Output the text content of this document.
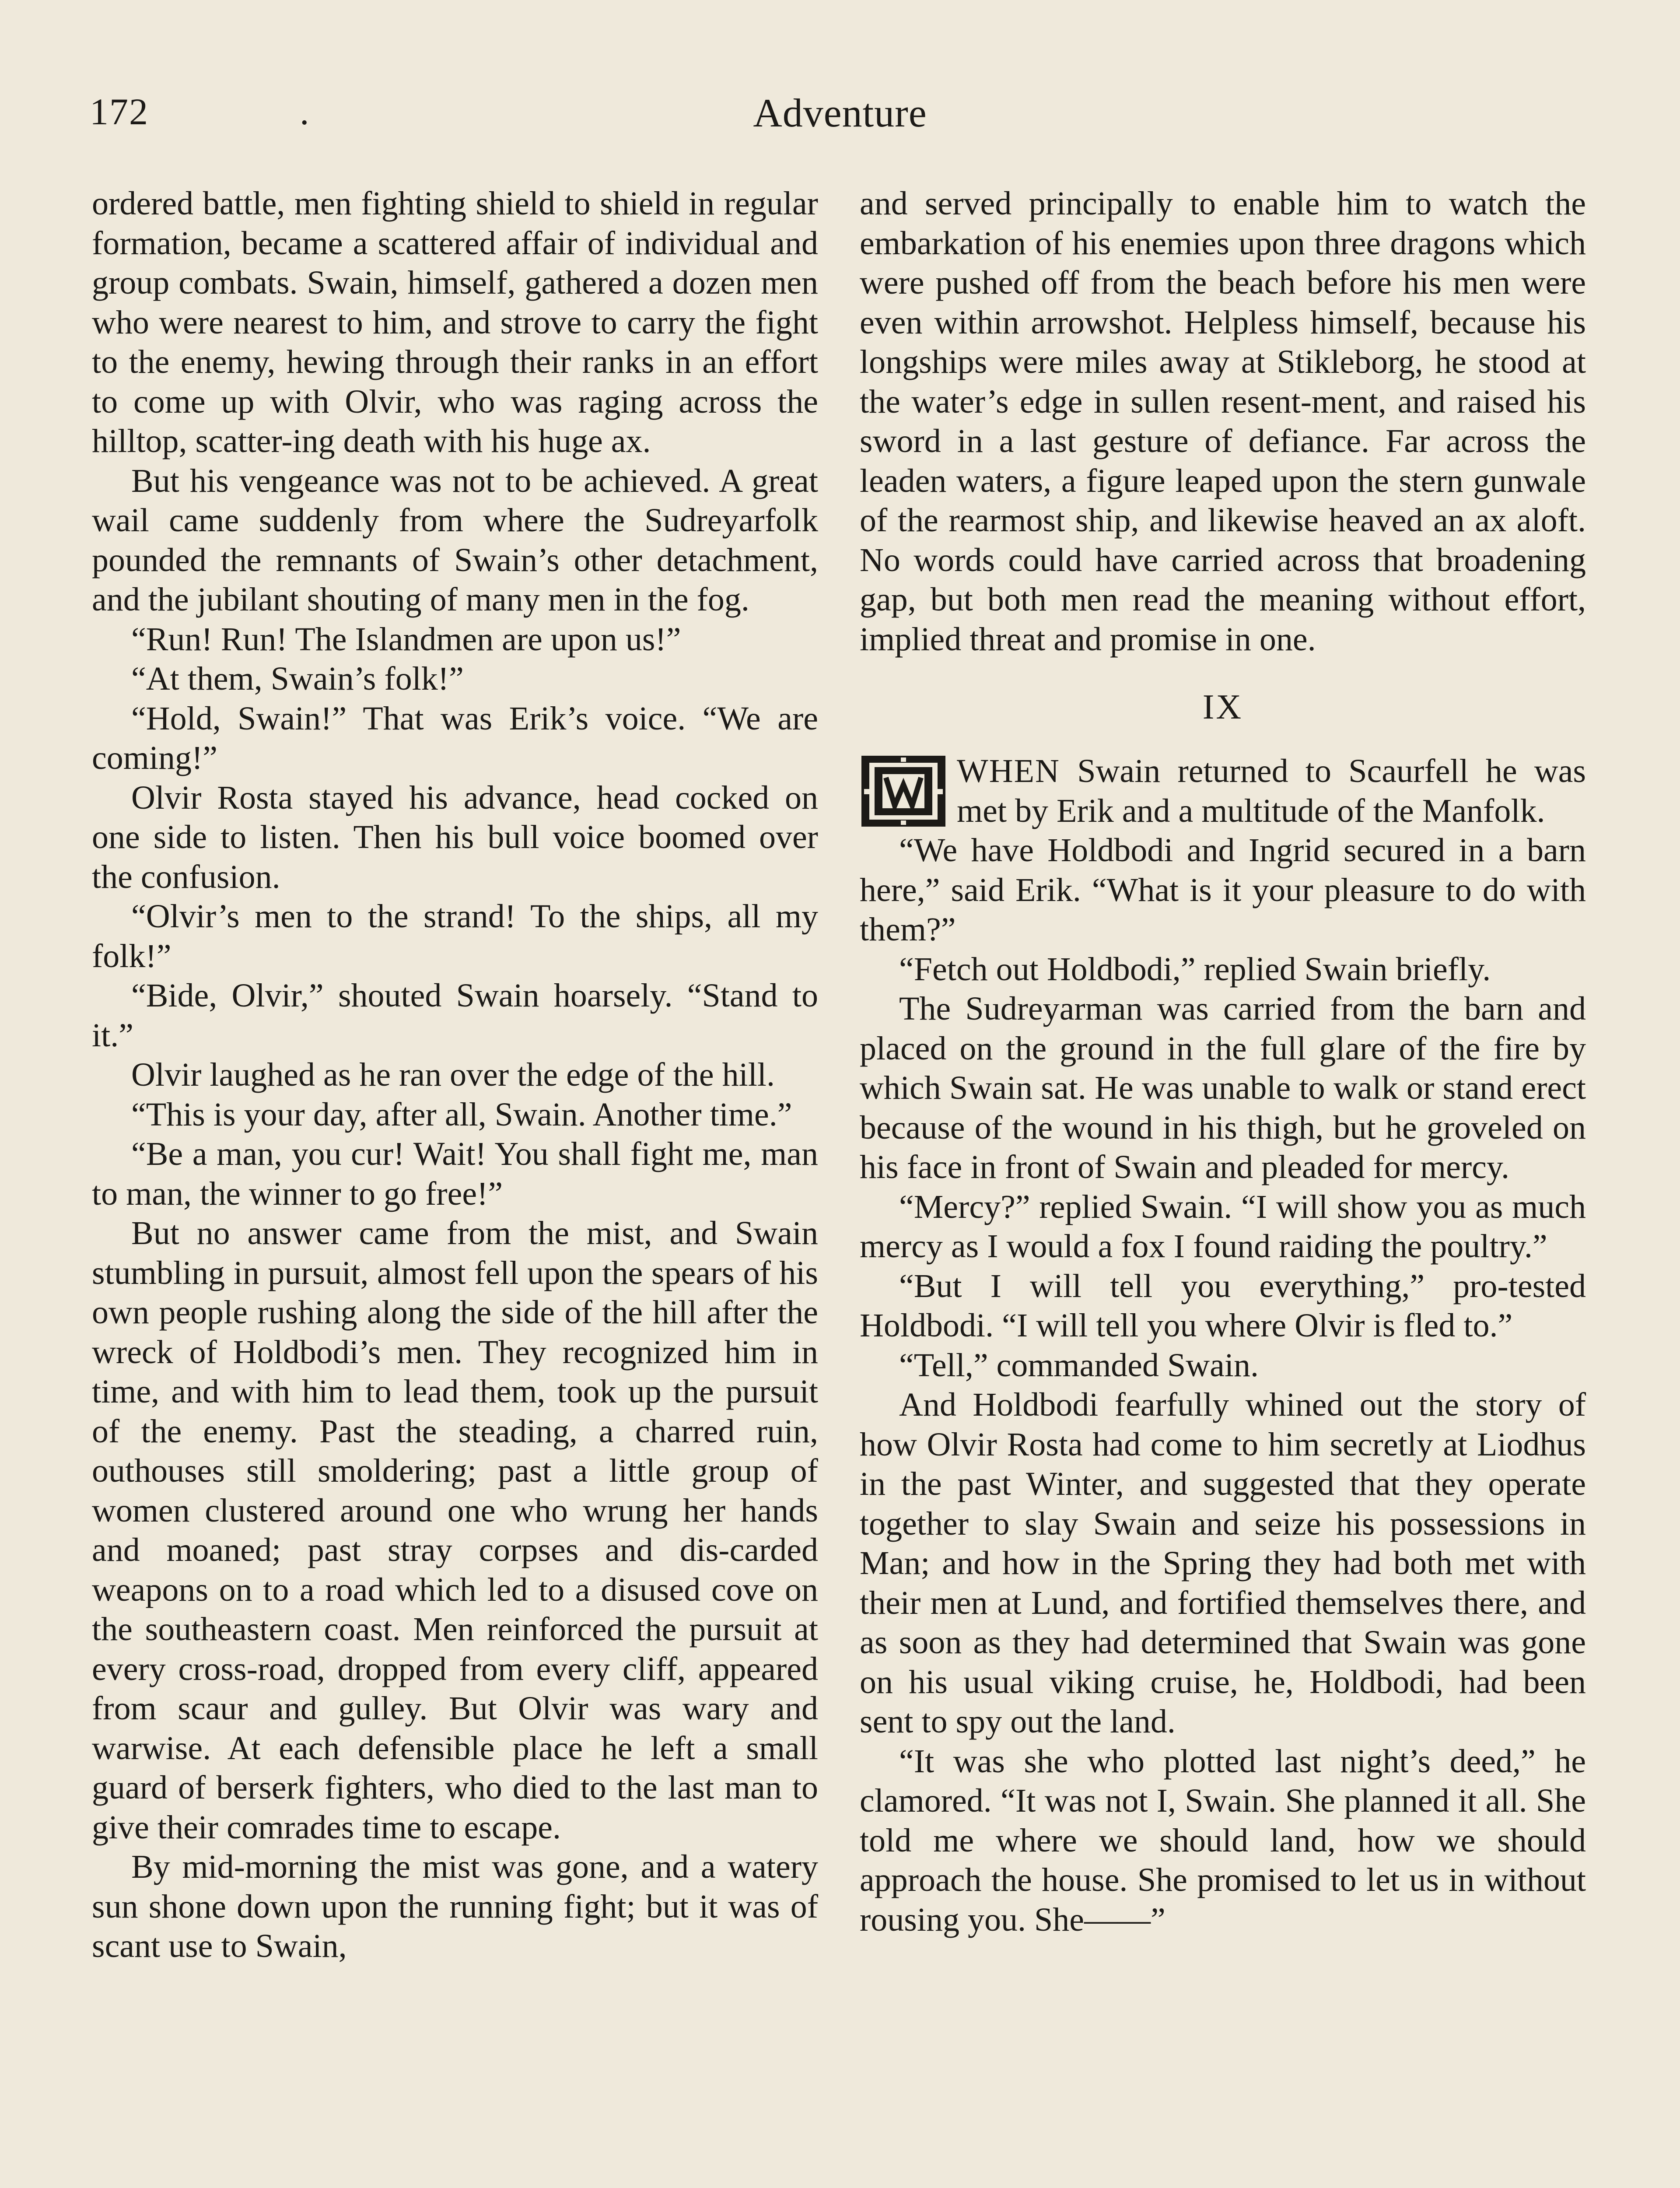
172	.	Adventure

ordered battle, men fighting shield to shield in regular formation, became a scattered affair of individual and group combats. Swain, himself, gathered a dozen men who were nearest to him, and strove to carry the fight to the enemy, hewing through their ranks in an effort to come up with Olvir, who was raging across the hilltop, scatter-ing death with his huge ax.

But his vengeance was not to be achieved. A great wail came suddenly from where the Sudreyarfolk pounded the remnants of Swain’s other detachment, and the jubilant shouting of many men in the fog.

“Run! Run! The Islandmen are upon us!”

“At them, Swain’s folk!”

“Hold, Swain!” That was Erik’s voice. “We are coming!”

Olvir Rosta stayed his advance, head cocked on one side to listen. Then his bull voice boomed over the confusion.

“Olvir’s men to the strand! To the ships, all my folk!”

“Bide, Olvir,” shouted Swain hoarsely. “Stand to it.”

Olvir laughed as he ran over the edge of the hill.

“This is your day, after all, Swain. Another time.”

“Be a man, you cur! Wait! You shall fight me, man to man, the winner to go free!”

But no answer came from the mist, and Swain stumbling in pursuit, almost fell upon the spears of his own people rushing along the side of the hill after the wreck of Holdbodi’s men. They recognized him in time, and with him to lead them, took up the pursuit of the enemy. Past the steading, a charred ruin, outhouses still smoldering; past a little group of women clustered around one who wrung her hands and moaned; past stray corpses and dis-carded weapons on to a road which led to a disused cove on the southeastern coast. Men reinforced the pursuit at every cross-road, dropped from every cliff, appeared from scaur and gulley. But Olvir was wary and warwise. At each defensible place he left a small guard of berserk fighters, who died to the last man to give their comrades time to escape.

By mid-morning the mist was gone, and a watery sun shone down upon the running fight; but it was of scant use to Swain,

and served principally to enable him to watch the embarkation of his enemies upon three dragons which were pushed off from the beach before his men were even within arrowshot. Helpless himself, because his longships were miles away at Stikleborg, he stood at the water’s edge in sullen resent-ment, and raised his sword in a last gesture of defiance. Far across the leaden waters, a figure leaped upon the stern gunwale of the rearmost ship, and likewise heaved an ax aloft. No words could have carried across that broadening gap, but both men read the meaning without effort, implied threat and promise in one.

IX

WHEN Swain returned to Scaurfell he was met by Erik and a multitude of the Manfolk.

“We have Holdbodi and Ingrid secured in a barn here,” said Erik. “What is it your pleasure to do with them?”

“Fetch out Holdbodi,” replied Swain briefly.

The Sudreyarman was carried from the barn and placed on the ground in the full glare of the fire by which Swain sat. He was unable to walk or stand erect because of the wound in his thigh, but he groveled on his face in front of Swain and pleaded for mercy.

“Mercy?” replied Swain. “I will show you as much mercy as I would a fox I found raiding the poultry.”

“But I will tell you everything,” pro-tested Holdbodi. “I will tell you where Olvir is fled to.”

“Tell,” commanded Swain.

And Holdbodi fearfully whined out the story of how Olvir Rosta had come to him secretly at Liodhus in the past Winter, and suggested that they operate together to slay Swain and seize his possessions in Man; and how in the Spring they had both met with their men at Lund, and fortified themselves there, and as soon as they had determined that Swain was gone on his usual viking cruise, he, Holdbodi, had been sent to spy out the land.

“It was she who plotted last night’s deed,” he clamored. “It was not I, Swain. She planned it all. She told me where we should land, how we should approach the house. She promised to let us in without rousing you. She——”
